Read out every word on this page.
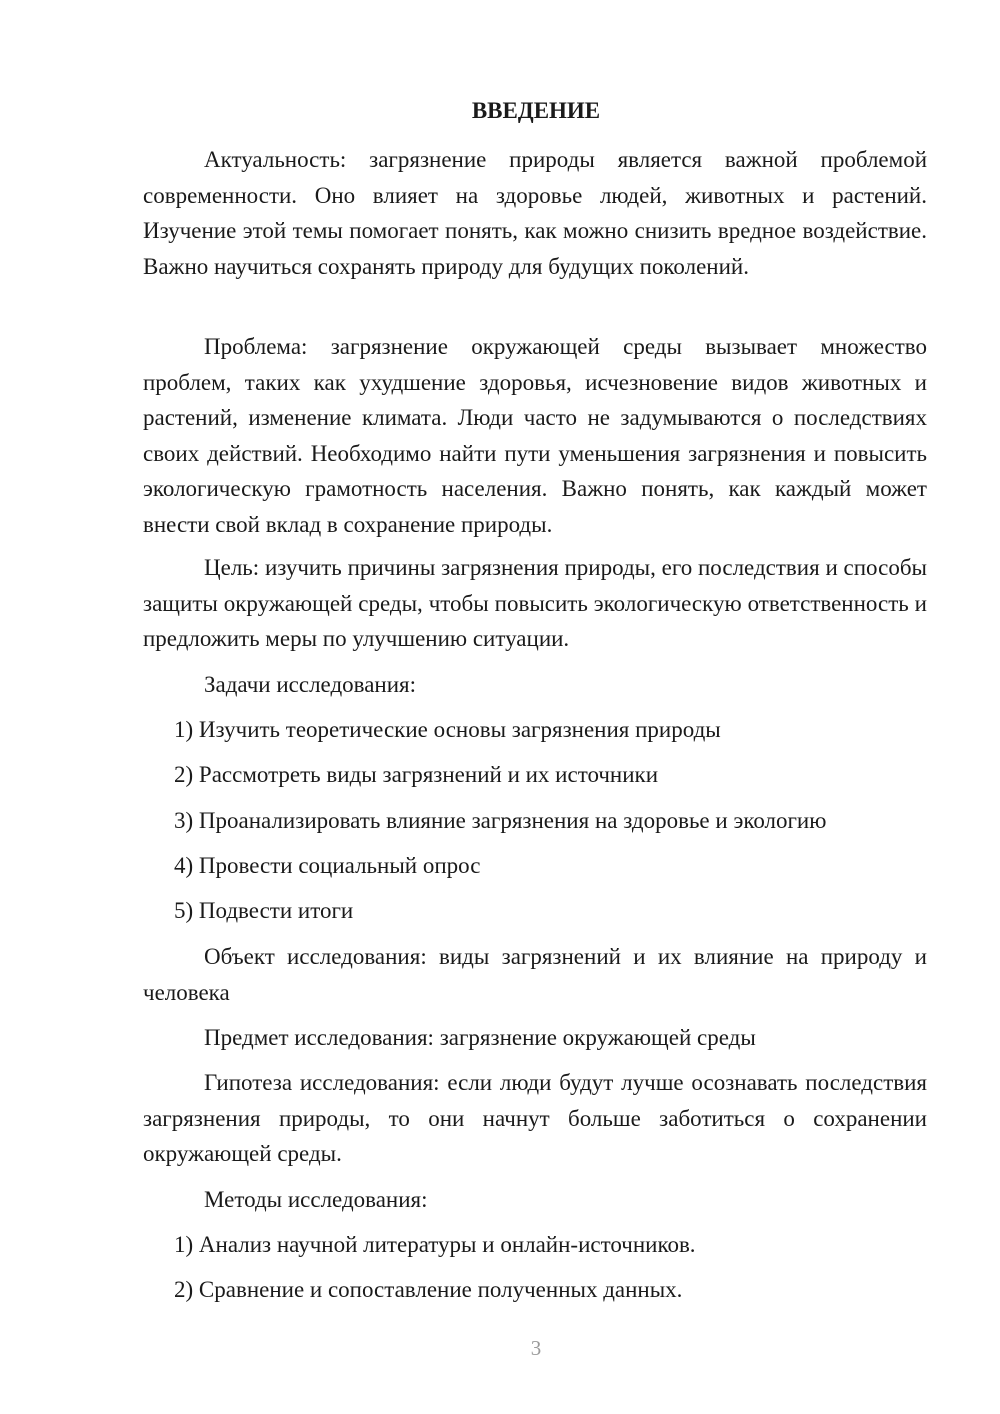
ВВЕДЕНИЕ

Актуальность: загрязнение природы является важной проблемой современности. Оно влияет на здоровье людей, животных и растений. Изучение этой темы помогает понять, как можно снизить вредное воздействие. Важно научиться сохранять природу для будущих поколений.

Проблема: загрязнение окружающей среды вызывает множество проблем, таких как ухудшение здоровья, исчезновение видов животных и растений, изменение климата. Люди часто не задумываются о последствиях своих действий. Необходимо найти пути уменьшения загрязнения и повысить экологическую грамотность населения. Важно понять, как каждый может внести свой вклад в сохранение природы.

Цель: изучить причины загрязнения природы, его последствия и способы защиты окружающей среды, чтобы повысить экологическую ответственность и предложить меры по улучшению ситуации.

Задачи исследования:

1) Изучить теоретические основы загрязнения природы

2) Рассмотреть виды загрязнений и их источники

3) Проанализировать влияние загрязнения на здоровье и экологию

4) Провести социальный опрос

5) Подвести итоги

Объект исследования: виды загрязнений и их влияние на природу и человека

Предмет исследования: загрязнение окружающей среды

Гипотеза исследования: если люди будут лучше осознавать последствия загрязнения природы, то они начнут больше заботиться о сохранении окружающей среды.

Методы исследования:

1) Анализ научной литературы и онлайн-источников.

2) Сравнение и сопоставление полученных данных.

3
